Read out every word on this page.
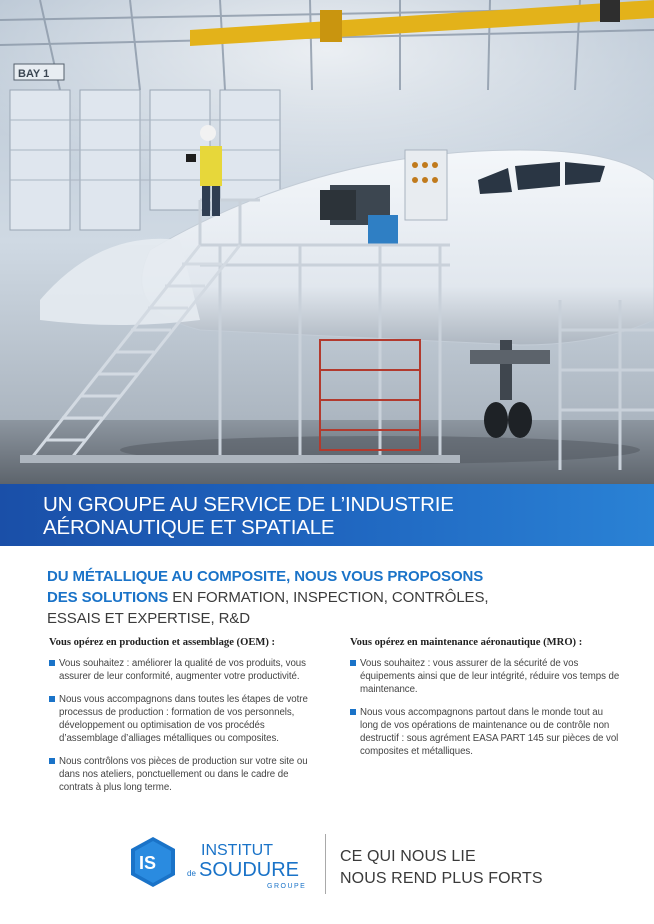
BAY 1
UN GROUPE AU SERVICE DE L’INDUSTRIE
AÉRONAUTIQUE ET SPATIALE
DU MÉTALLIQUE AU COMPOSITE, NOUS VOUS PROPOSONS
DES SOLUTIONS EN FORMATION, INSPECTION, CONTRÔLES,
ESSAIS ET EXPERTISE, R&D
Vous opérez en production et assemblage (OEM) :
Vous souhaitez : améliorer la qualité de vos produits, vous assurer de leur conformité, augmenter votre productivité.
Nous vous accompagnons dans toutes les étapes de votre processus de production : formation de vos personnels, développement ou optimisation de vos procédés d’assemblage d’alliages métalliques ou composites.
Nous contrôlons vos pièces de production sur votre site ou dans nos ateliers, ponctuellement ou dans le cadre de contrats à plus long terme.
Vous opérez en maintenance aéronautique (MRO) :
Vous souhaitez : vous assurer de la sécurité de vos équipements ainsi que de leur intégrité, réduire vos temps de maintenance.
Nous vous accompagnons partout dans le monde tout au long de vos opérations de maintenance ou de contrôle non destructif : sous agrément EASA PART 145 sur pièces de vol composites et métalliques.
IS
INSTITUT
de SOUDURE
GROUPE
CE QUI NOUS LIE
NOUS REND PLUS FORTS
